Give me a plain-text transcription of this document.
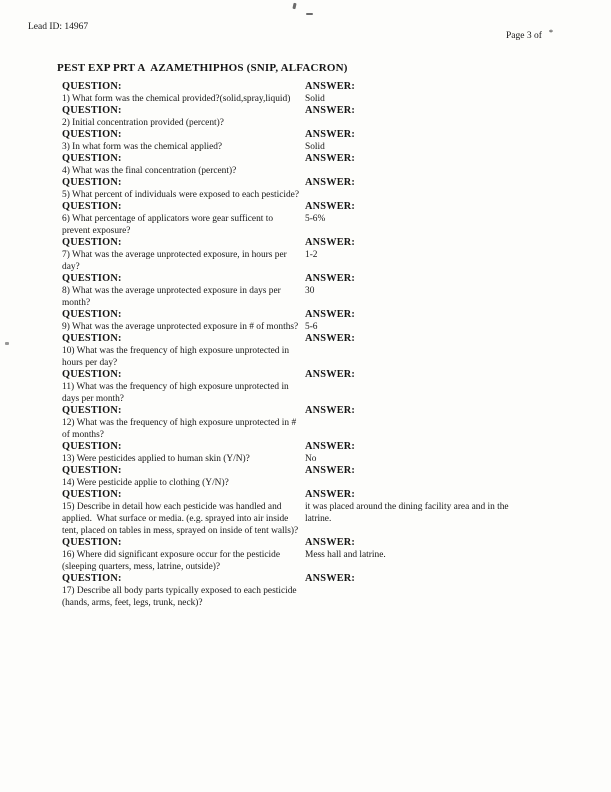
Lead ID: 14967
Page 3 of *
PEST EXP PRT A  AZAMETHIPHOS (SNIP, ALFACRON)
QUESTION:
1) What form was the chemical provided?(solid,spray,liquid)
ANSWER:
Solid
QUESTION:
2) Initial concentration provided (percent)?
ANSWER:
QUESTION:
3) In what form was the chemical applied?
ANSWER:
Solid
QUESTION:
4) What was the final concentration (percent)?
ANSWER:
QUESTION:
5) What percent of individuals were exposed to each pesticide?
ANSWER:
QUESTION:
6) What percentage of applicators wore gear sufficent to prevent exposure?
ANSWER:
5-6%
QUESTION:
7) What was the average unprotected exposure, in hours per day?
ANSWER:
1-2
QUESTION:
8) What was the average unprotected exposure in days per month?
ANSWER:
30
QUESTION:
9) What was the average unprotected exposure in # of months?
ANSWER:
5-6
QUESTION:
10) What was the frequency of high exposure unprotected in hours per day?
ANSWER:
QUESTION:
11) What was the frequency of high exposure unprotected in days per month?
ANSWER:
QUESTION:
12) What was the frequency of high exposure unprotected in # of months?
ANSWER:
QUESTION:
13) Were pesticides applied to human skin (Y/N)?
ANSWER:
No
QUESTION:
14) Were pesticide applie to clothing (Y/N)?
ANSWER:
QUESTION:
15) Describe in detail how each pesticide was handled and applied.  What surface or media. (e.g. sprayed into air inside tent, placed on tables in mess, sprayed on inside of tent walls)?
ANSWER:
it was placed around the dining facility area and in the latrine.
QUESTION:
16) Where did significant exposure occur for the pesticide (sleeping quarters, mess, latrine, outside)?
ANSWER:
Mess hall and latrine.
QUESTION:
17) Describe all body parts typically exposed to each pesticide (hands, arms, feet, legs, trunk, neck)?
ANSWER:
